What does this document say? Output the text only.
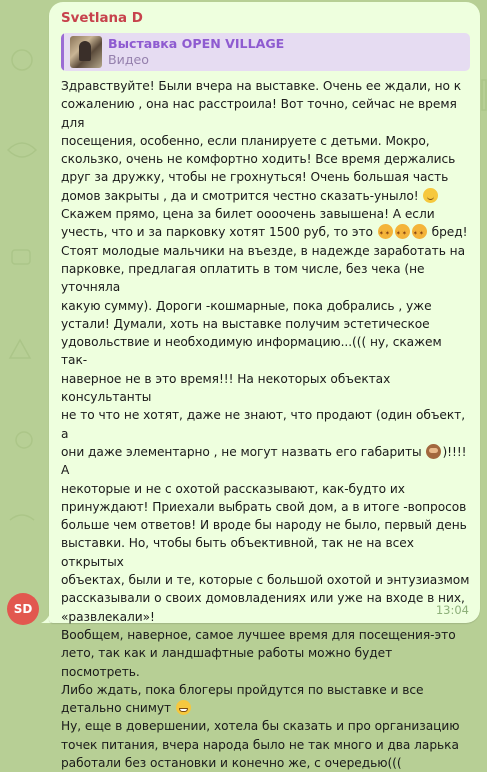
Svetlana D
Выставка OPEN VILLAGE
Видео

Здравствуйте! Были вчера на выставке. Очень ее ждали, но к

сожалению , она нас расстроила! Вот точно, сейчас не время для

посещения, особенно, если планируете с детьми. Мокро,

скользко, очень не комфортно ходить! Все время держались

друг за дружку, чтобы не грохнуться! Очень большая часть

домов закрыты , да и смотрится честно сказать-уныло!

Скажем прямо, цена за билет оооочень завышена! А если

учесть, что и за парковку хотят 1500 руб, то это ✶✶✶✶✶✶	бред!

Стоят молодые мальчики на въезде, в надежде заработать на

парковке, предлагая оплатить в том числе, без чека (не уточняла

какую сумму). Дороги -кошмарные, пока добрались , уже

устали! Думали, хоть на выставке получим эстетическое

удовольствие и необходимую информацию...((( ну, скажем так-

наверное не в это время!!! На некоторых объектах консультанты

не то что не хотят, даже не знают, что продают (один объект, а

они даже элементарно , не могут назвать его габариты )!!!! А

некоторые и не с охотой рассказывают, как-будто их

принуждают! Приехали выбрать свой дом, а в итоге -вопросов

больше чем ответов! И вроде бы народу не было, первый день

выставки. Но, чтобы быть объективной, так не на всех открытых

объектах, были и те, которые с большой охотой и энтузиазмом

рассказывали о своих домовладениях или уже на входе в них,

«развлекали»!

Вообщем, наверное, самое лучшее время для посещения-это

лето, так как и ландшафтные работы можно будет посмотреть.

Либо ждать, пока блогеры пройдутся по выставке и все

детально снимут

Ну, еще в довершении, хотела бы сказать и про организацию

точек питания, вчера народа было не так много и два ларька

работали без остановки и конечно же, с очередью(((

13:04
SD
